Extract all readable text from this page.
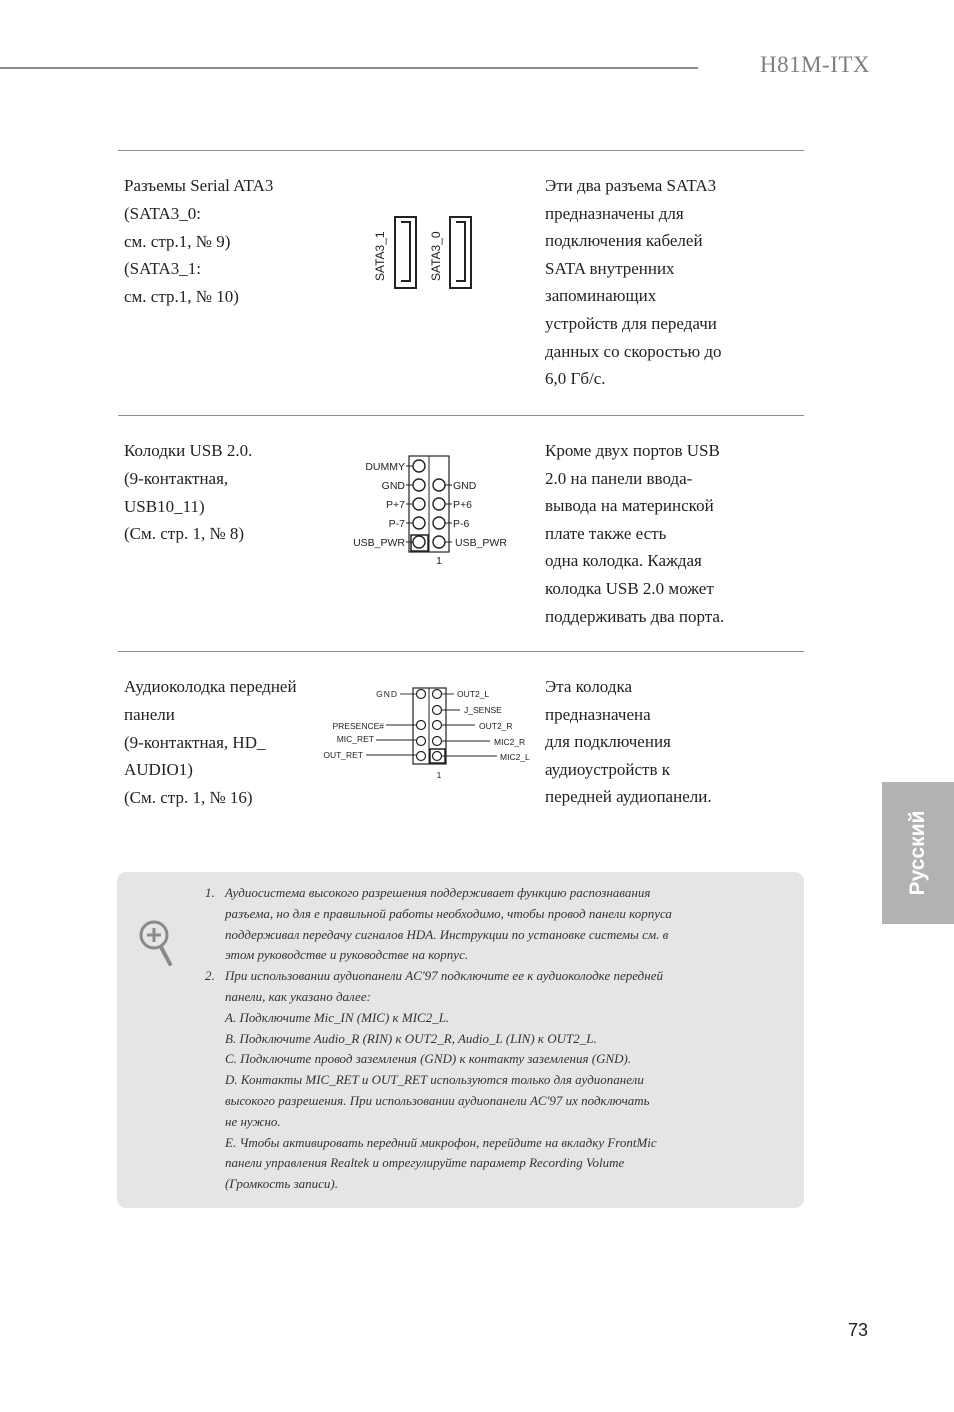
H81M-ITX
Разъемы Serial ATA3
(SATA3_0:
см. стр.1, № 9)
(SATA3_1:
см. стр.1, № 10)
SATA3_1	SATA3_0
Эти два разъема SATA3
предназначены для
подключения кабелей
SATA внутренних
запоминающих
устройств для передачи
данных со скоростью до
6,0 Гб/с.
Колодки USB 2.0.
(9-контактная,
USB10_11)
(См. стр. 1, № 8)
DUMMY
GND
P+7
P-7
USB_PWR
GND
P+6
P-6
USB_PWR
1
Кроме двух портов USB
2.0 на панели ввода-
вывода на материнской
плате также есть
одна колодка. Каждая
колодка USB 2.0 может
поддерживать два порта.
Аудиоколодка передней
панели
(9-контактная, HD_
AUDIO1)
(См. стр. 1, № 16)
GND
PRESENCE#
MIC_RET
OUT_RET
OUT2_L
J_SENSE
OUT2_R
MIC2_R
MIC2_L
1
Эта колодка
предназначена
для подключения
аудиоустройств к
передней аудиопанели.
Русский
1. Аудиосистема высокого разрешения поддерживает функцию распознавания
разъема, но для е правильной работы необходимо, чтобы провод панели корпуса
поддерживал передачу сигналов HDA. Инструкции по установке системы см. в
этом руководстве и руководстве на корпус.
2. При использовании аудиопанели AC'97 подключите ее к аудиоколодке передней
панели, как указано далее:
A. Подключите Mic_IN (MIC) к MIC2_L.
B. Подключите Audio_R (RIN) к OUT2_R, Audio_L (LIN) к OUT2_L.
C. Подключите провод заземления (GND) к контакту заземления (GND).
D. Контакты MIC_RET и OUT_RET используются только для аудиопанели
высокого разрешения. При использовании аудиопанели AC'97 их подключать
не нужно.
E. Чтобы активировать передний микрофон, перейдите на вкладку FrontMic
панели управления Realtek и отрегулируйте параметр Recording Volume
(Громкость записи).
73
